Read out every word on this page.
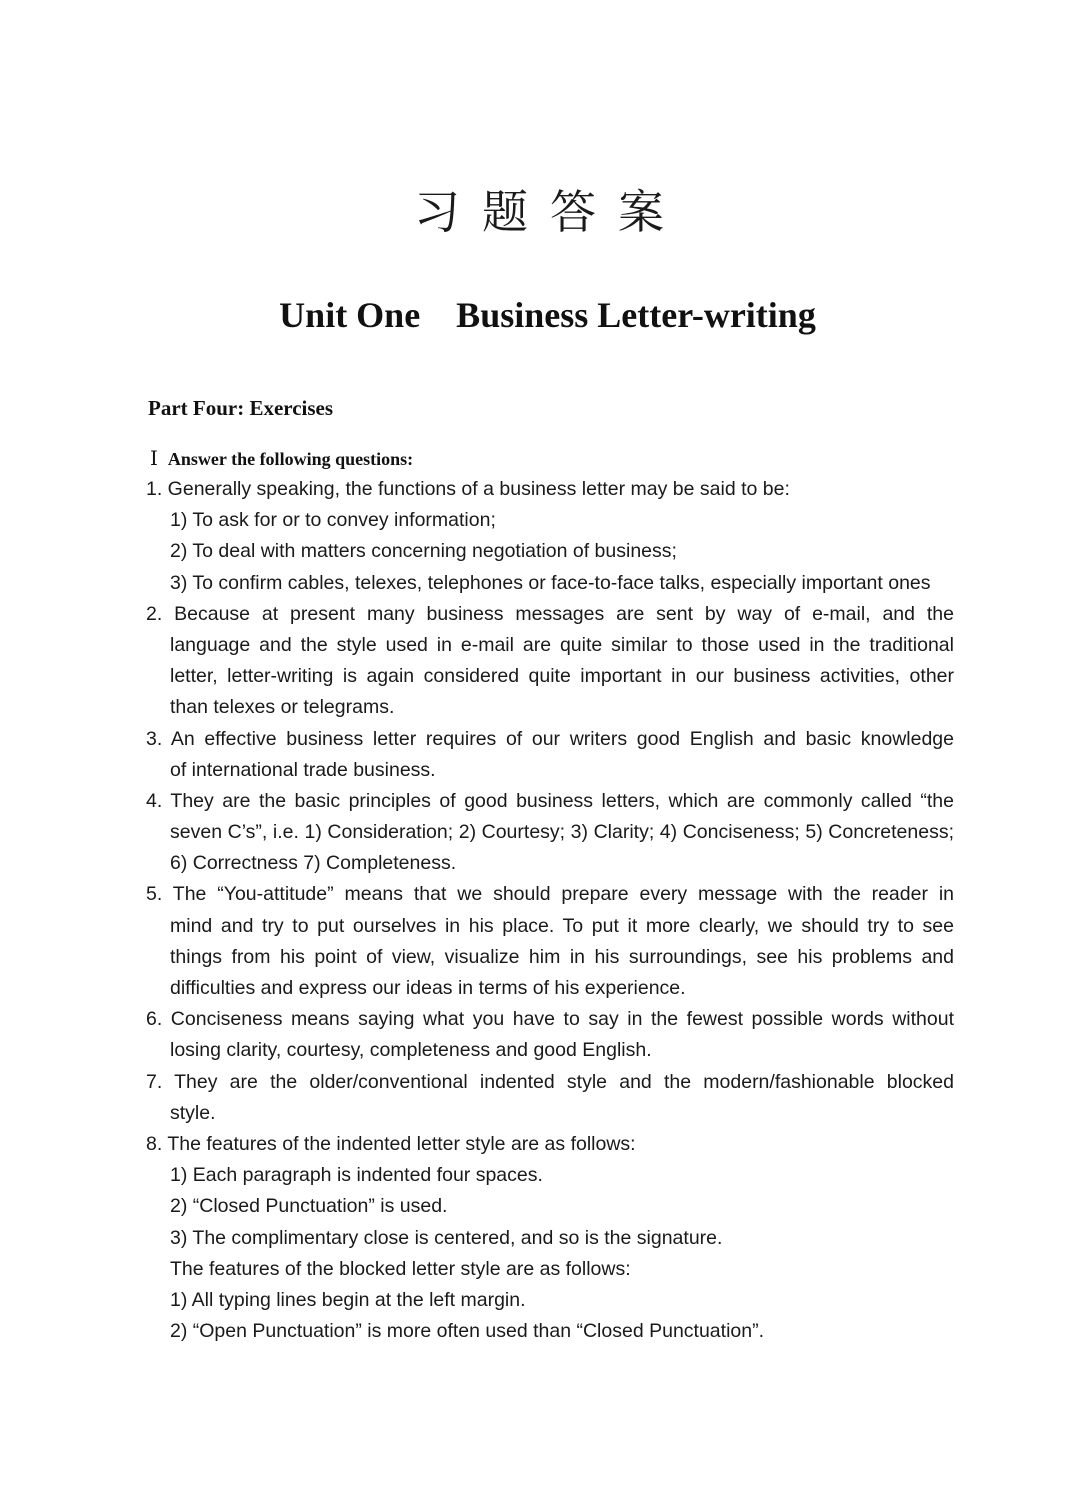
习题答案
Unit One    Business Letter-writing
Part Four: Exercises
Ⅰ Answer the following questions:
1. Generally speaking, the functions of a business letter may be said to be:
1) To ask for or to convey information;
2) To deal with matters concerning negotiation of business;
3) To confirm cables, telexes, telephones or face-to-face talks, especially important ones
2. Because at present many business messages are sent by way of e-mail, and the
language and the style used in e-mail are quite similar to those used in the traditional
letter, letter-writing is again considered quite important in our business activities, other
than telexes or telegrams.
3. An effective business letter requires of our writers good English and basic knowledge
of international trade business.
4. They are the basic principles of good business letters, which are commonly called “the
seven C’s”, i.e. 1) Consideration; 2) Courtesy; 3) Clarity; 4) Conciseness; 5) Concreteness;
6) Correctness 7) Completeness.
5. The “You-attitude” means that we should prepare every message with the reader in
mind and try to put ourselves in his place. To put it more clearly, we should try to see
things from his point of view, visualize him in his surroundings, see his problems and
difficulties and express our ideas in terms of his experience.
6. Conciseness means saying what you have to say in the fewest possible words without
losing clarity, courtesy, completeness and good English.
7. They are the older/conventional indented style and the modern/fashionable blocked
style.
8. The features of the indented letter style are as follows:
1) Each paragraph is indented four spaces.
2) “Closed Punctuation” is used.
3) The complimentary close is centered, and so is the signature.
The features of the blocked letter style are as follows:
1) All typing lines begin at the left margin.
2) “Open Punctuation” is more often used than “Closed Punctuation”.
